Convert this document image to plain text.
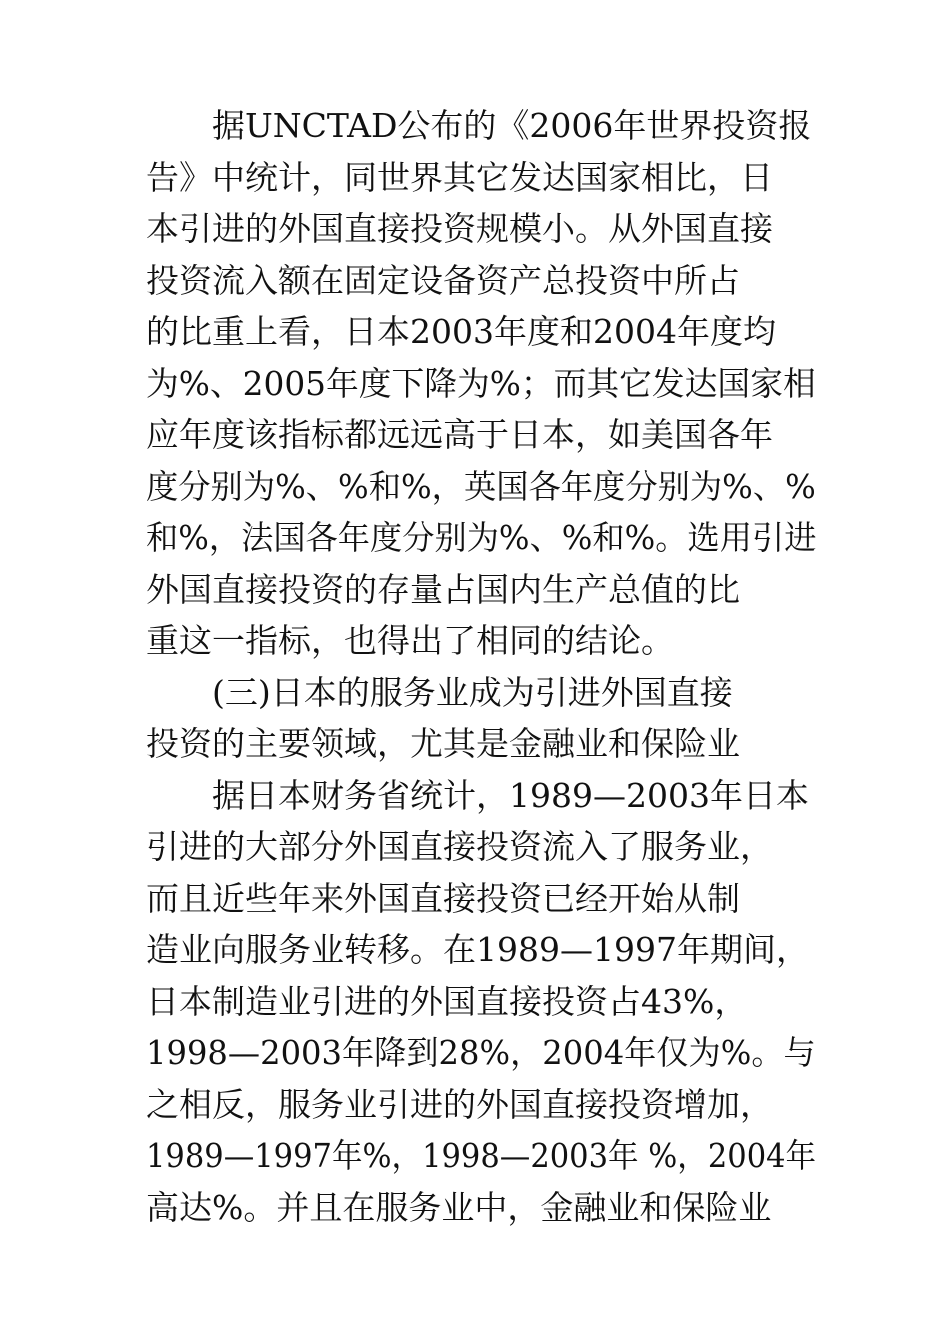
　　据UNCTAD公布的《2006年世界投资报
告》中统计，同世界其它发达国家相比，日
本引进的外国直接投资规模小。从外国直接
投资流入额在固定设备资产总投资中所占
的比重上看，日本2003年度和2004年度均
为%、2005年度下降为%；而其它发达国家相
应年度该指标都远远高于日本，如美国各年
度分别为%、%和%，英国各年度分别为%、%
和%，法国各年度分别为%、%和%。选用引进
外国直接投资的存量占国内生产总值的比
重这一指标，也得出了相同的结论。
　　(三)日本的服务业成为引进外国直接
投资的主要领域，尤其是金融业和保险业
　　据日本财务省统计，1989—2003年日本
引进的大部分外国直接投资流入了服务业，
而且近些年来外国直接投资已经开始从制
造业向服务业转移。在1989—1997年期间，
日本制造业引进的外国直接投资占43%，
1998—2003年降到28%，2004年仅为%。与
之相反，服务业引进的外国直接投资增加，
1989—1997年%，1998—2003年 %，2004年
高达%。并且在服务业中，金融业和保险业
